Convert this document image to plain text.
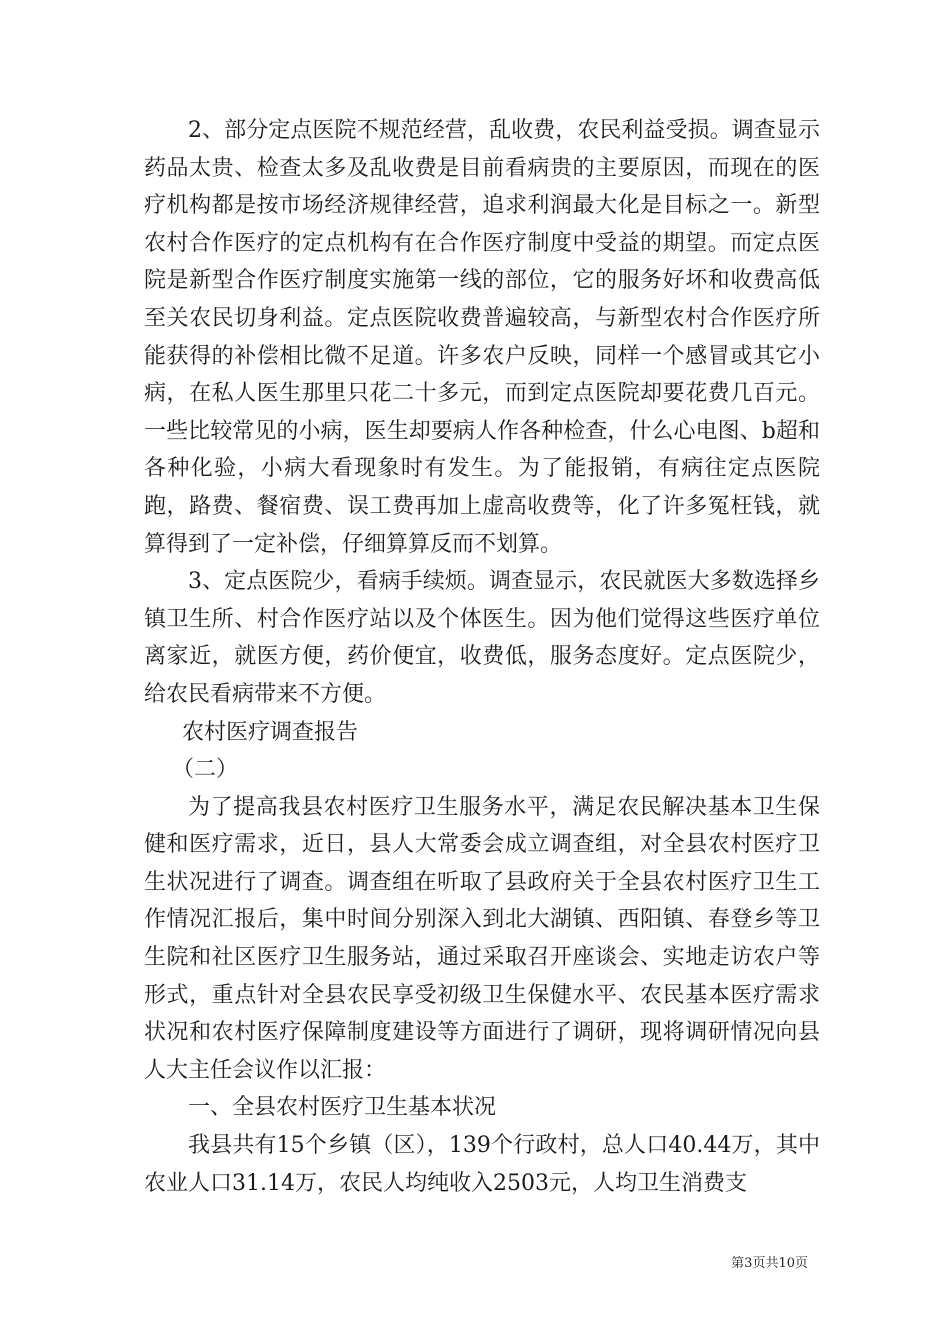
2、部分定点医院不规范经营，乱收费，农民利益受损。调查显示药品太贵、检查太多及乱收费是目前看病贵的主要原因，而现在的医疗机构都是按市场经济规律经营，追求利润最大化是目标之一。新型农村合作医疗的定点机构有在合作医疗制度中受益的期望。而定点医院是新型合作医疗制度实施第一线的部位，它的服务好坏和收费高低至关农民切身利益。定点医院收费普遍较高，与新型农村合作医疗所能获得的补偿相比微不足道。许多农户反映，同样一个感冒或其它小病，在私人医生那里只花二十多元，而到定点医院却要花费几百元。一些比较常见的小病，医生却要病人作各种检查，什么心电图、b超和各种化验，小病大看现象时有发生。为了能报销，有病往定点医院跑，路费、餐宿费、误工费再加上虚高收费等，化了许多冤枉钱，就算得到了一定补偿，仔细算算反而不划算。

3、定点医院少，看病手续烦。调查显示，农民就医大多数选择乡镇卫生所、村合作医疗站以及个体医生。因为他们觉得这些医疗单位离家近，就医方便，药价便宜，收费低，服务态度好。定点医院少，给农民看病带来不方便。

农村医疗调查报告

（二）

为了提高我县农村医疗卫生服务水平，满足农民解决基本卫生保健和医疗需求，近日，县人大常委会成立调查组，对全县农村医疗卫生状况进行了调查。调查组在听取了县政府关于全县农村医疗卫生工作情况汇报后，集中时间分别深入到北大湖镇、西阳镇、春登乡等卫生院和社区医疗卫生服务站，通过采取召开座谈会、实地走访农户等形式，重点针对全县农民享受初级卫生保健水平、农民基本医疗需求状况和农村医疗保障制度建设等方面进行了调研，现将调研情况向县人大主任会议作以汇报：

一、全县农村医疗卫生基本状况

我县共有15个乡镇（区），139个行政村，总人口40.44万，其中农业人口31.14万，农民人均纯收入2503元，人均卫生消费支

第3页共10页
